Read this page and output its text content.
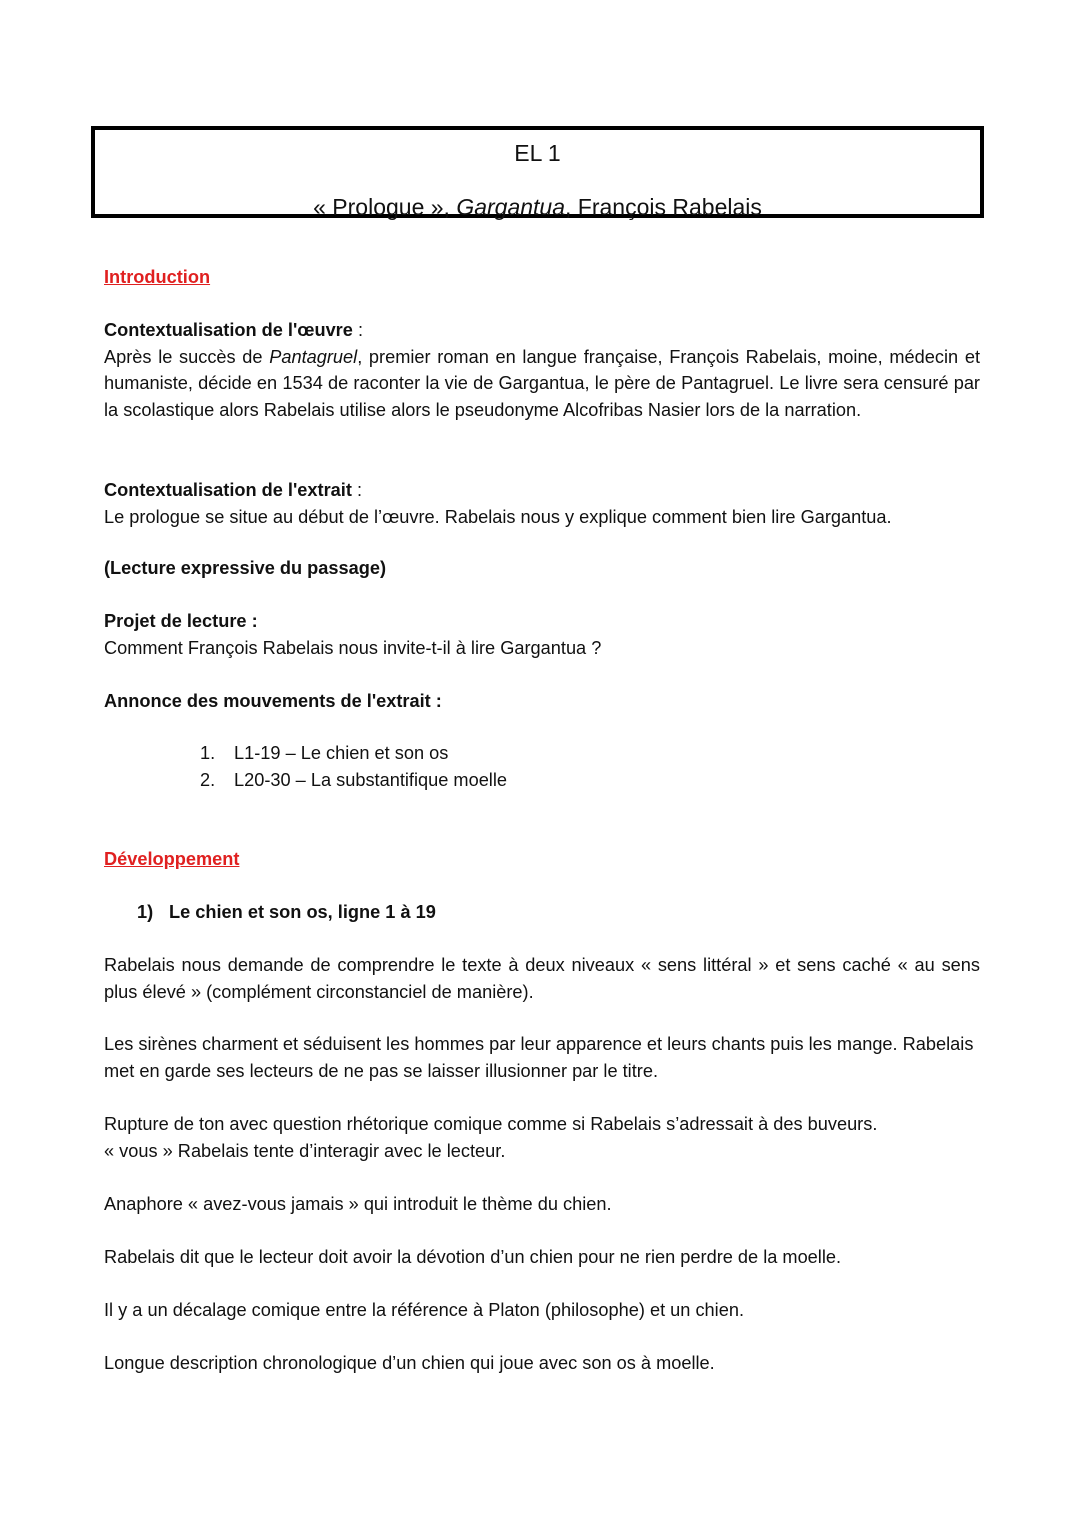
EL 1
« Prologue », Gargantua, François Rabelais
Introduction
Contextualisation de l'œuvre :
Après le succès de Pantagruel, premier roman en langue française, François Rabelais, moine, médecin et humaniste, décide en 1534 de raconter la vie de Gargantua, le père de Pantagruel. Le livre sera censuré par la scolastique alors Rabelais utilise alors le pseudonyme Alcofribas Nasier lors de la narration.
Contextualisation de l'extrait :
Le prologue se situe au début de l’œuvre. Rabelais nous y explique comment bien lire Gargantua.
(Lecture expressive du passage)
Projet de lecture :
Comment François Rabelais nous invite-t-il à lire Gargantua ?
Annonce des mouvements de l'extrait :
1. L1-19 – Le chien et son os
2. L20-30 – La substantifique moelle
Développement
1) Le chien et son os, ligne 1 à 19
Rabelais nous demande de comprendre le texte à deux niveaux « sens littéral » et sens caché « au sens plus élevé » (complément circonstanciel de manière).
Les sirènes charment et séduisent les hommes par leur apparence et leurs chants puis les mange. Rabelais met en garde ses lecteurs de ne pas se laisser illusionner par le titre.
Rupture de ton avec question rhétorique comique comme si Rabelais s’adressait à des buveurs.
« vous » Rabelais tente d’interagir avec le lecteur.
Anaphore « avez-vous jamais » qui introduit le thème du chien.
Rabelais dit que le lecteur doit avoir la dévotion d’un chien pour ne rien perdre de la moelle.
Il y a un décalage comique entre la référence à Platon (philosophe) et un chien.
Longue description chronologique d’un chien qui joue avec son os à moelle.
